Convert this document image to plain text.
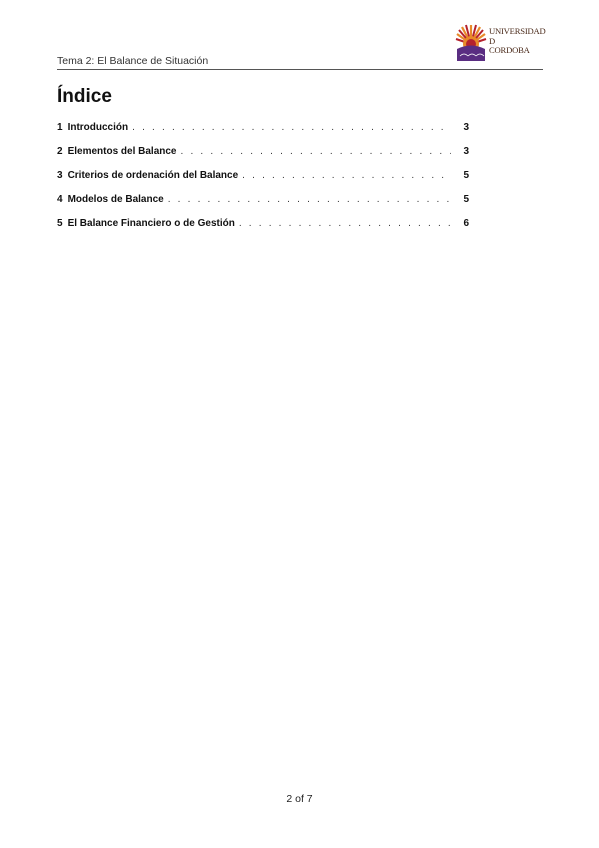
UNIVERSIDAD
D
CORDOBA
Tema 2: El Balance de Situación
Índice
1 Introducción . . .	3
2 Elementos del Balance . . .	3
3 Criterios de ordenación del Balance . . .	5
4 Modelos de Balance . . .	5
5 El Balance Financiero o de Gestión . . .	6
2 of 7
